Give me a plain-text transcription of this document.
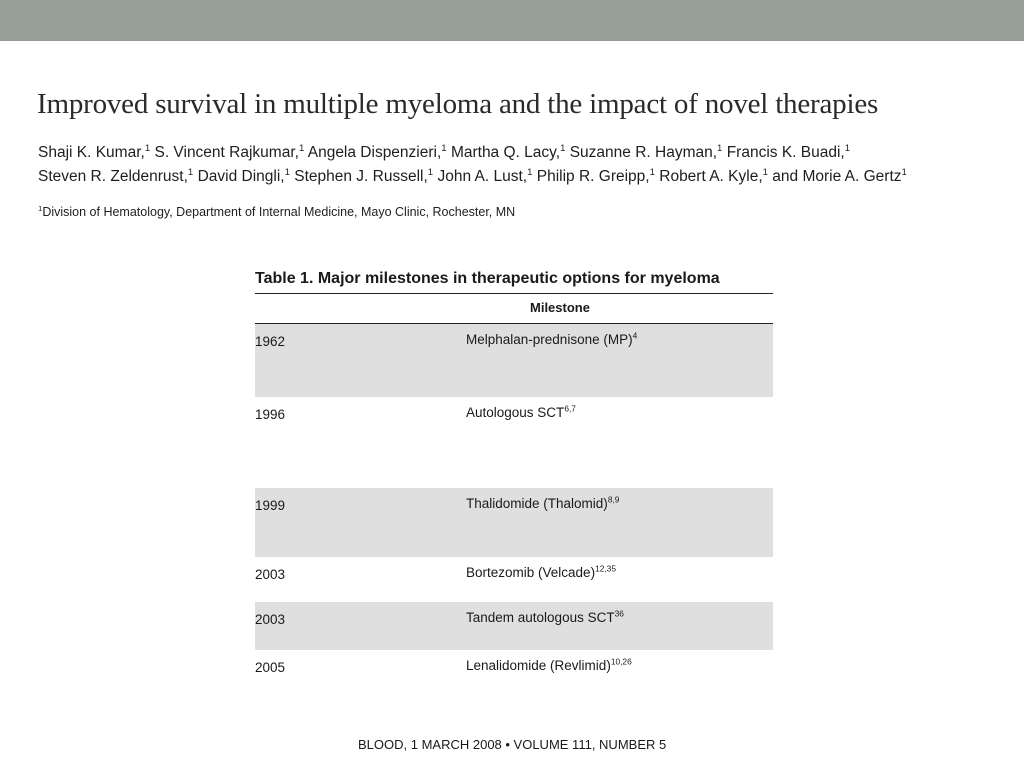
Improved survival in multiple myeloma and the impact of novel therapies
Shaji K. Kumar,$^1$ S. Vincent Rajkumar,$^1$ Angela Dispenzieri,$^1$ Martha Q. Lacy,$^1$ Suzanne R. Hayman,$^1$ Francis K. Buadi,$^1$
Steven R. Zeldenrust,$^1$ David Dingli,$^1$ Stephen J. Russell,$^1$ John A. Lust,$^1$ Philip R. Greipp,$^1$ Robert A. Kyle,$^1$ and Morie A. Gertz$^1$
$^1$Division of Hematology, Department of Internal Medicine, Mayo Clinic, Rochester, MN

Table 1. Major milestones in therapeutic options for myeloma

Milestone
1962	Melphalan-prednisone (MP)$^4$
1996	Autologous SCT$^{6,7}$
1999	Thalidomide (Thalomid)$^{8,9}$
2003	Bortezomib (Velcade)$^{12,35}$
2003	Tandem autologous SCT$^{36}$
2005	Lenalidomide (Revlimid)$^{10,26}$
BLOOD, 1 MARCH 2008 • VOLUME 111, NUMBER 5
